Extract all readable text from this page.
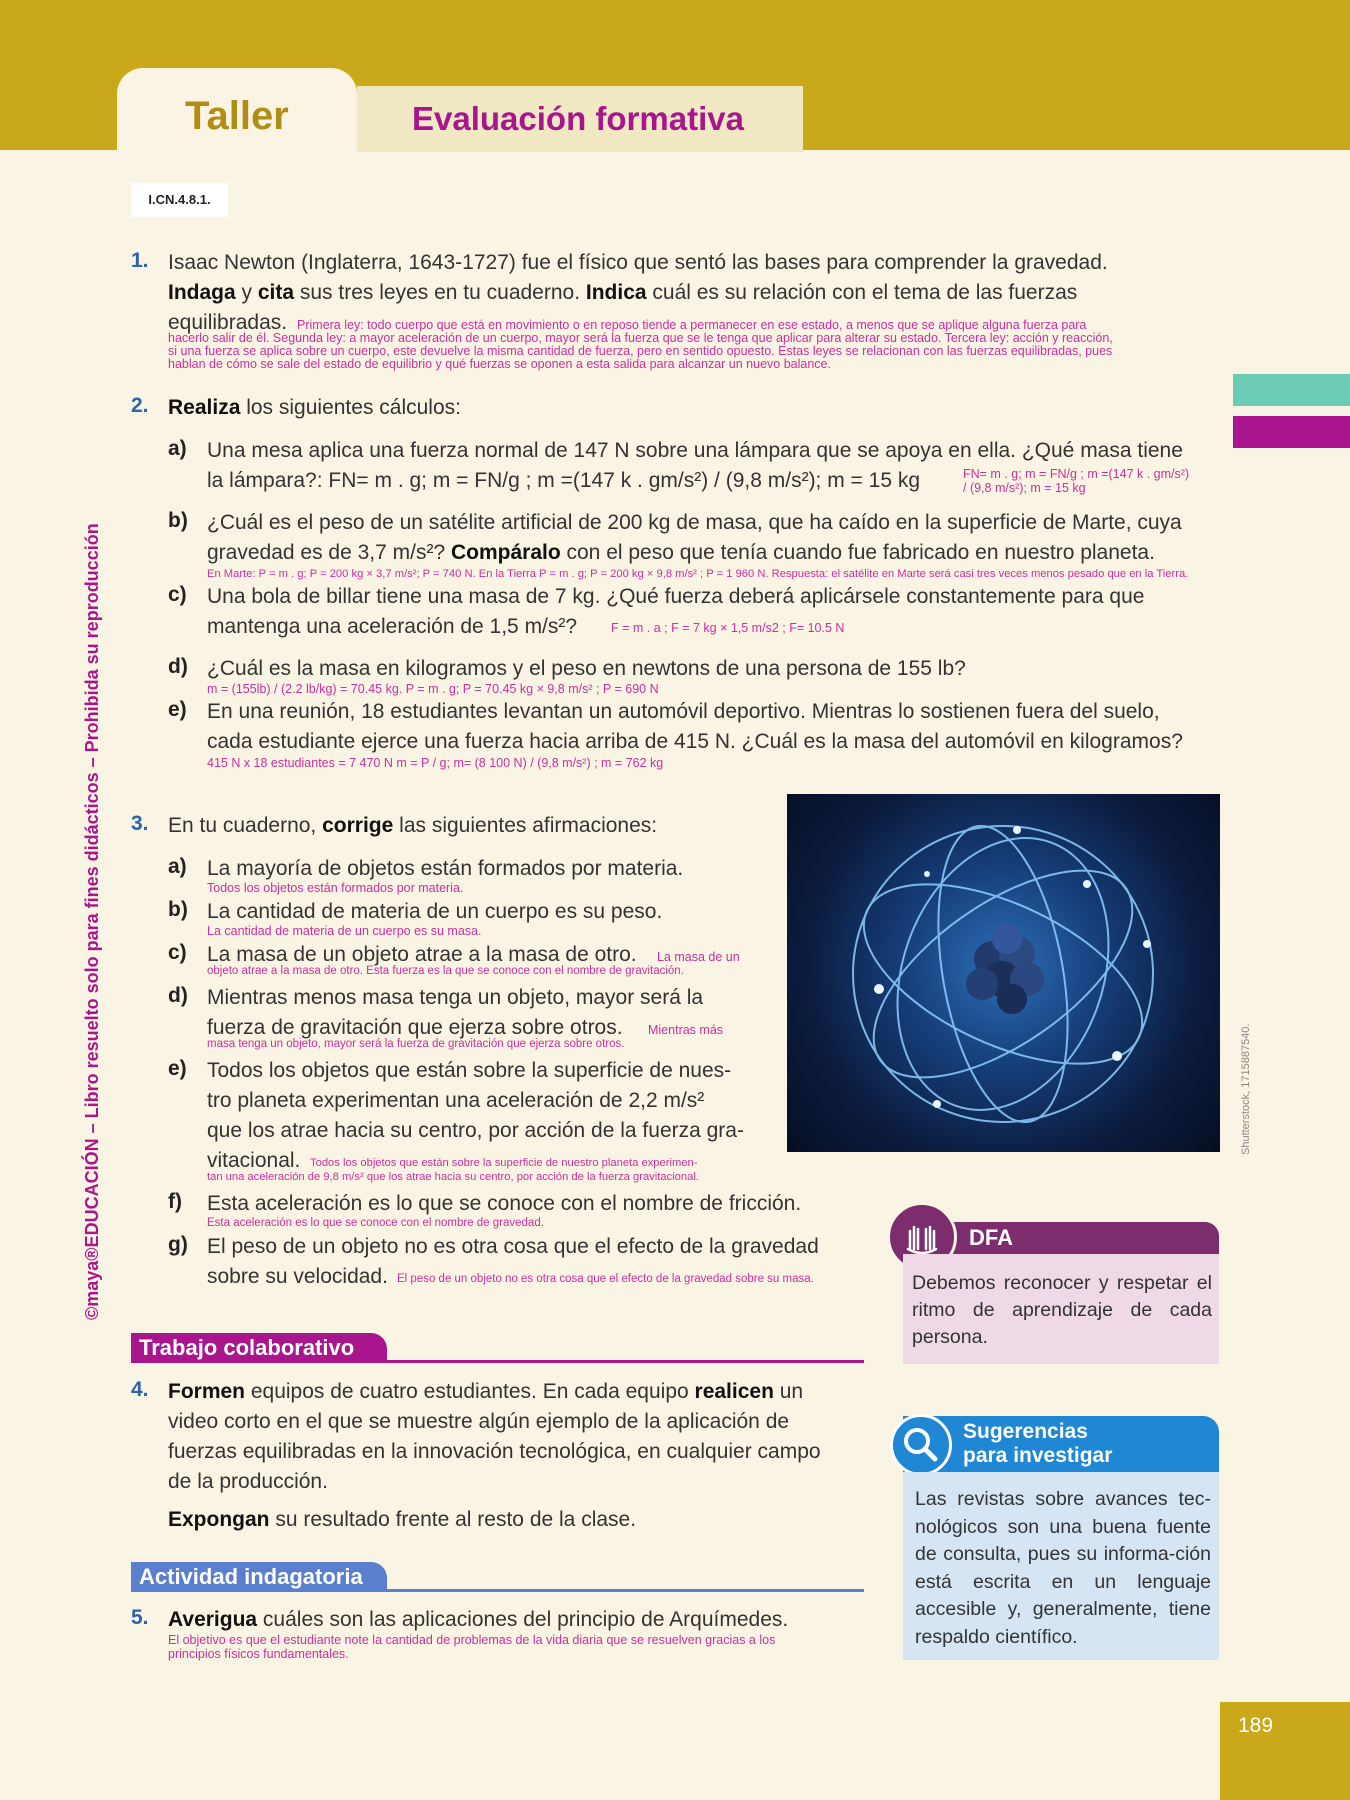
Taller	Evaluación formativa
I.CN.4.8.1.
©maya®EDUCACIÓN – Libro resuelto solo para fines didácticos – Prohibida su reproducción
1. Isaac Newton (Inglaterra, 1643-1727) fue el físico que sentó las bases para comprender la gravedad.
Indaga y cita sus tres leyes en tu cuaderno. Indica cuál es su relación con el tema de las fuerzas
equilibradas. Primera ley: todo cuerpo que está en movimiento o en reposo tiende a permanecer en ese estado, a menos que se aplique alguna fuerza para
hacerlo salir de él. Segunda ley: a mayor aceleración de un cuerpo, mayor será la fuerza que se le tenga que aplicar para alterar su estado. Tercera ley: acción y reacción,
si una fuerza se aplica sobre un cuerpo, este devuelve la misma cantidad de fuerza, pero en sentido opuesto. Estas leyes se relacionan con las fuerzas equilibradas, pues
hablan de cómo se sale del estado de equilibrio y qué fuerzas se oponen a esta salida para alcanzar un nuevo balance.
2. Realiza los siguientes cálculos:
a) Una mesa aplica una fuerza normal de 147 N sobre una lámpara que se apoya en ella. ¿Qué masa tiene
la lámpara?: FN= m . g; m = FN/g ; m =(147 k . gm/s²) / (9,8 m/s²); m = 15 kg	FN= m . g; m = FN/g ; m =(147 k . gm/s²)
/ (9,8 m/s²); m = 15 kg
b) ¿Cuál es el peso de un satélite artificial de 200 kg de masa, que ha caído en la superficie de Marte, cuya
gravedad es de 3,7 m/s²? Compáralo con el peso que tenía cuando fue fabricado en nuestro planeta.
En Marte: P = m . g; P = 200 kg × 3,7 m/s²; P = 740 N. En la Tierra P = m . g; P = 200 kg × 9,8 m/s² ; P = 1 960 N. Respuesta: el satélite en Marte será casi tres veces menos pesado que en la Tierra.
c) Una bola de billar tiene una masa de 7 kg. ¿Qué fuerza deberá aplicársele constantemente para que
mantenga una aceleración de 1,5 m/s²?	F = m . a ; F = 7 kg × 1,5 m/s2 ; F= 10.5 N
d) ¿Cuál es la masa en kilogramos y el peso en newtons de una persona de 155 lb?
m = (155lb) / (2.2 lb/kg) = 70.45 kg. P = m . g; P = 70.45 kg × 9,8 m/s² ; P = 690 N
e) En una reunión, 18 estudiantes levantan un automóvil deportivo. Mientras lo sostienen fuera del suelo,
cada estudiante ejerce una fuerza hacia arriba de 415 N. ¿Cuál es la masa del automóvil en kilogramos?
415 N x 18 estudiantes = 7 470 N m = P / g; m= (8 100 N) / (9,8 m/s²) ; m = 762 kg
Shutterstock, 1715887540.
3. En tu cuaderno, corrige las siguientes afirmaciones:
a) La mayoría de objetos están formados por materia.
Todos los objetos están formados por materia.
b) La cantidad de materia de un cuerpo es su peso.
La cantidad de materia de un cuerpo es su masa.
c) La masa de un objeto atrae a la masa de otro. La masa de un
objeto atrae a la masa de otro. Esta fuerza es la que se conoce con el nombre de gravitación.
d) Mientras menos masa tenga un objeto, mayor será la
fuerza de gravitación que ejerza sobre otros. Mientras más
masa tenga un objeto, mayor será la fuerza de gravitación que ejerza sobre otros.
e) Todos los objetos que están sobre la superficie de nues-
tro planeta experimentan una aceleración de 2,2 m/s²
que los atrae hacia su centro, por acción de la fuerza gra-
vitacional. Todos los objetos que están sobre la superficie de nuestro planeta experimen-
tan una aceleración de 9,8 m/s² que los atrae hacia su centro, por acción de la fuerza gravitacional.
f) Esta aceleración es lo que se conoce con el nombre de fricción.
Esta aceleración es lo que se conoce con el nombre de gravedad.
g) El peso de un objeto no es otra cosa que el efecto de la gravedad
sobre su velocidad. El peso de un objeto no es otra cosa que el efecto de la gravedad sobre su masa.
Trabajo colaborativo
4. Formen equipos de cuatro estudiantes. En cada equipo realicen un
video corto en el que se muestre algún ejemplo de la aplicación de
fuerzas equilibradas en la innovación tecnológica, en cualquier campo
de la producción.
Expongan su resultado frente al resto de la clase.
Actividad indagatoria
5. Averigua cuáles son las aplicaciones del principio de Arquímedes.
El objetivo es que el estudiante note la cantidad de problemas de la vida diaria que se resuelven gracias a los
principios físicos fundamentales.
DFA

Debemos reconocer y respetar el ritmo de aprendizaje de cada persona.

Sugerencias
para investigar

Las revistas sobre avances tec-nológicos son una buena fuente de consulta, pues su informa-ción está escrita en un lenguaje accesible y, generalmente, tiene respaldo científico.

189
